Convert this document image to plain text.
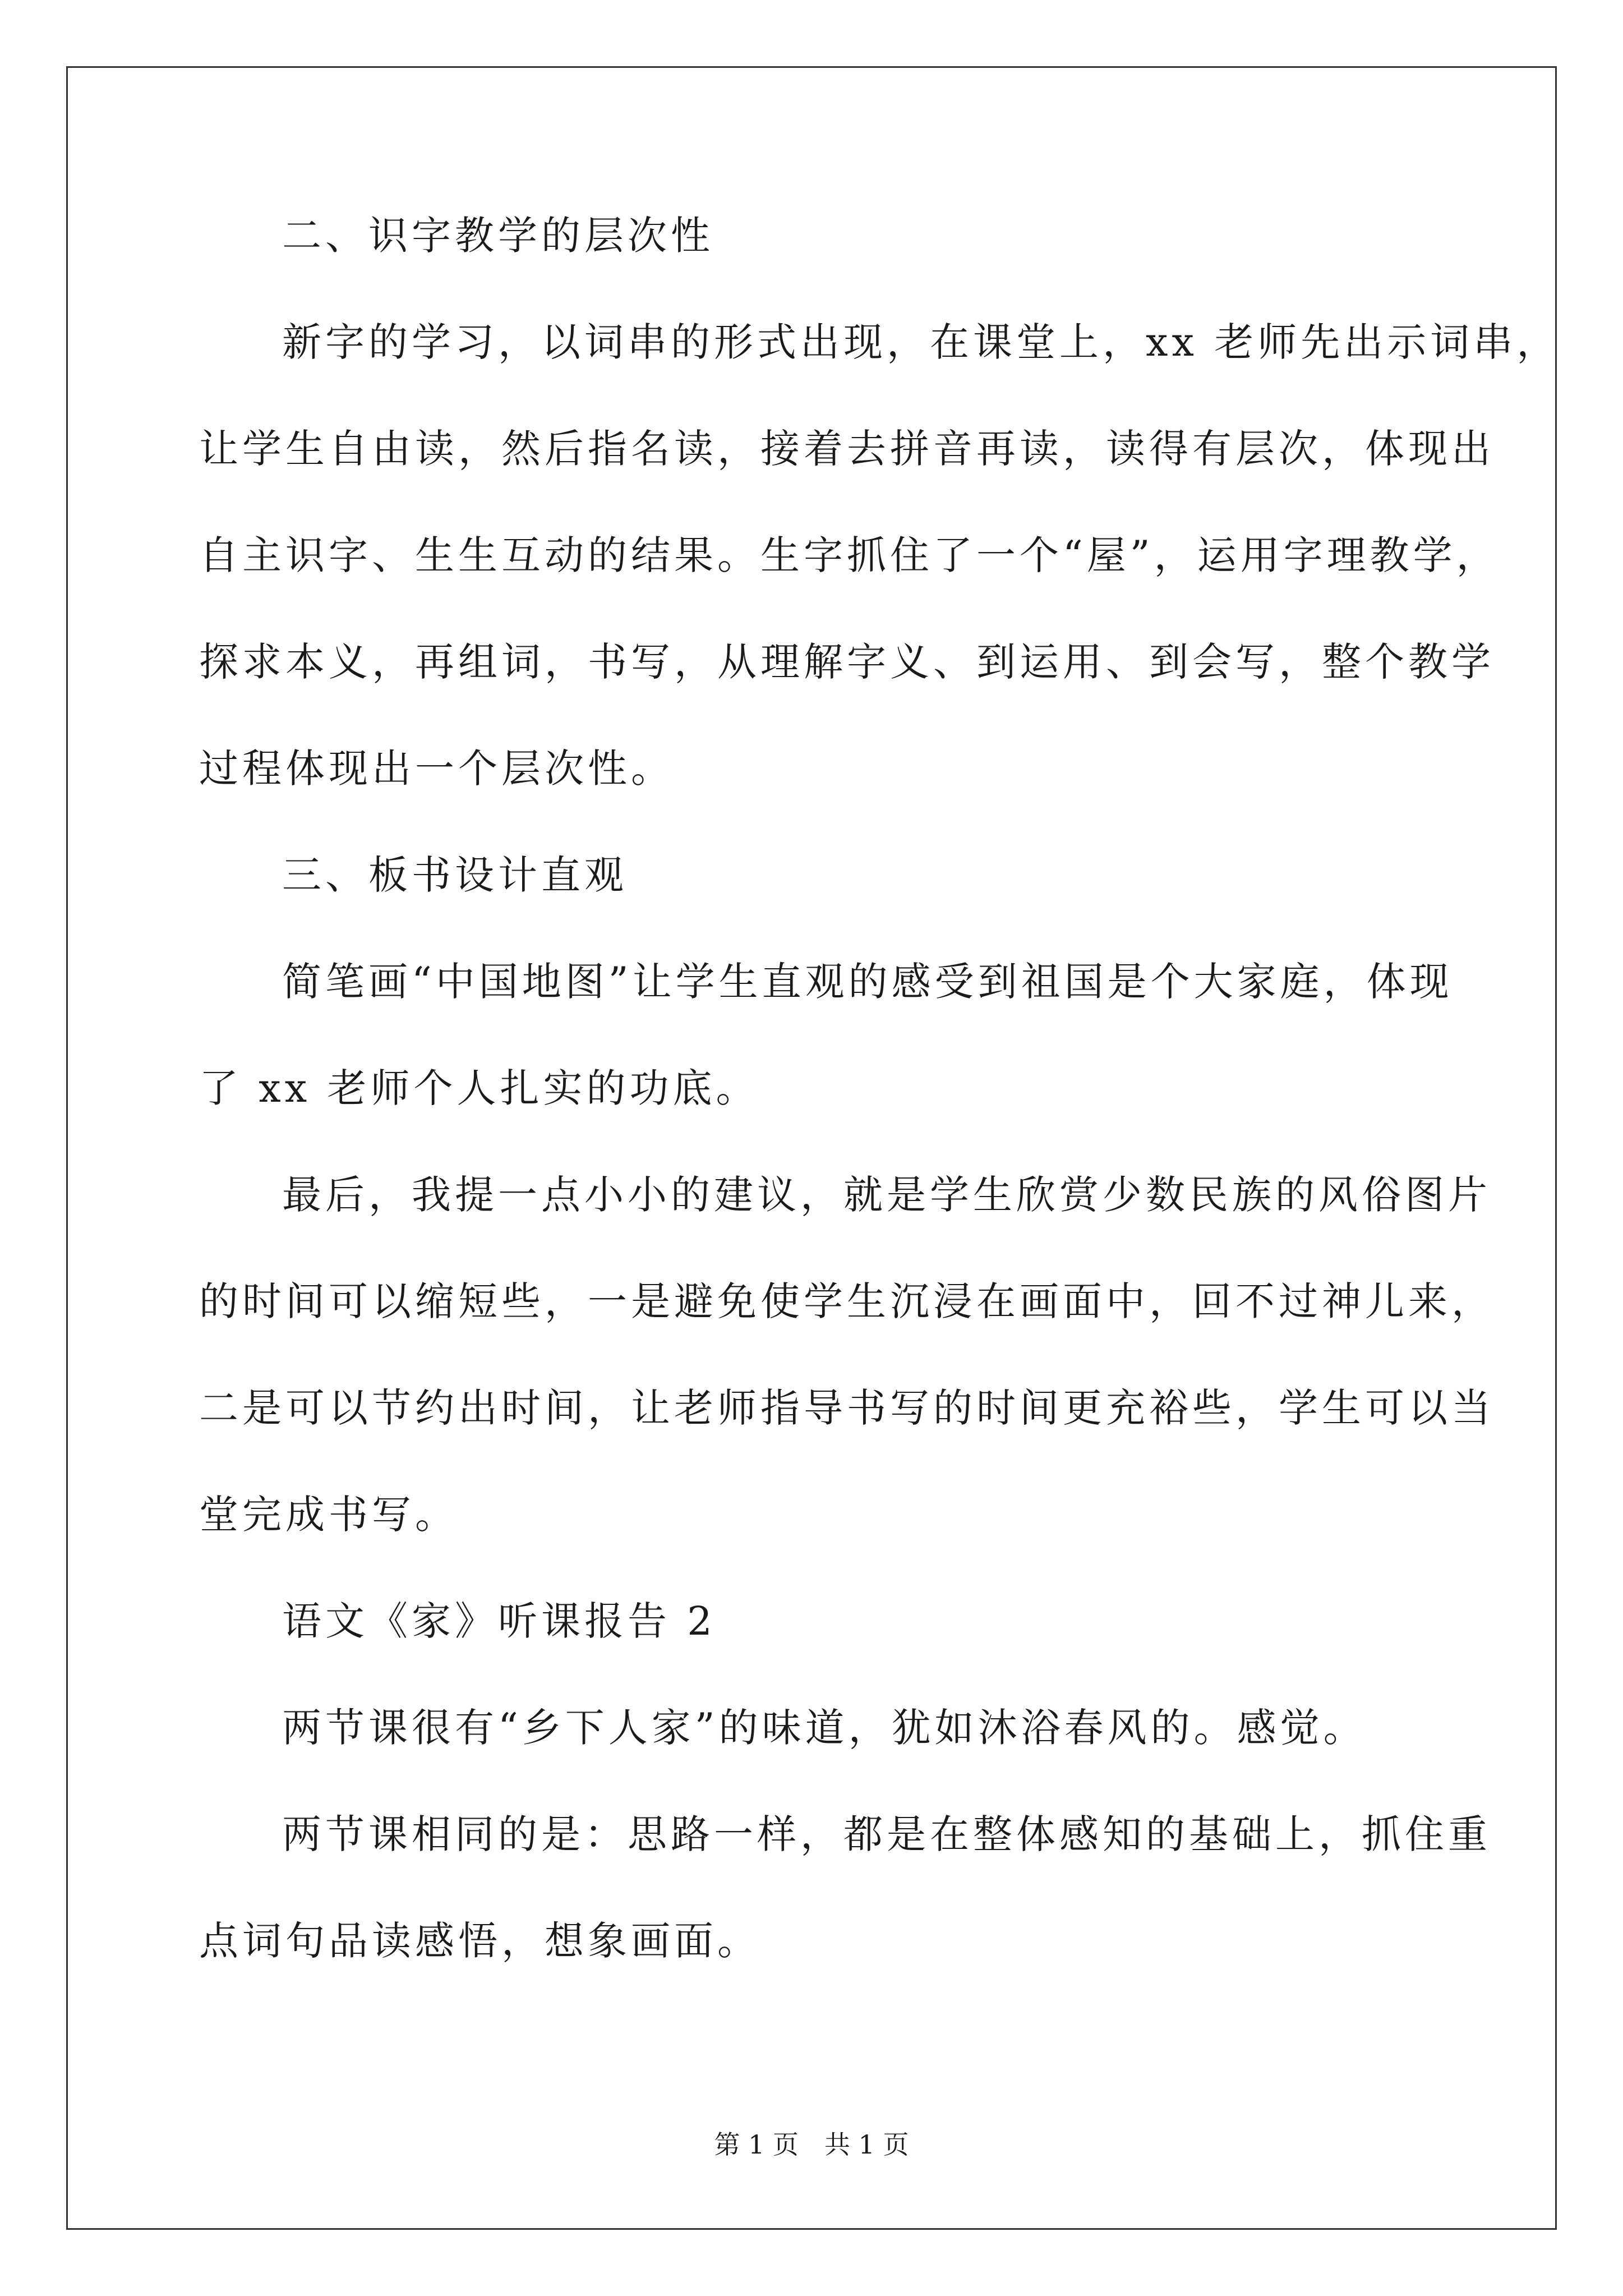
二、识字教学的层次性
新字的学习，以词串的形式出现，在课堂上，xx 老师先出示词串，
让学生自由读，然后指名读，接着去拼音再读，读得有层次，体现出
自主识字、生生互动的结果。生字抓住了一个“屋”，运用字理教学，
探求本义，再组词，书写，从理解字义、到运用、到会写，整个教学
过程体现出一个层次性。
三、板书设计直观
简笔画“中国地图”让学生直观的感受到祖国是个大家庭，体现
了 xx 老师个人扎实的功底。
最后，我提一点小小的建议，就是学生欣赏少数民族的风俗图片
的时间可以缩短些，一是避免使学生沉浸在画面中，回不过神儿来，
二是可以节约出时间，让老师指导书写的时间更充裕些，学生可以当
堂完成书写。
语文《家》听课报告 2
两节课很有“乡下人家”的味道，犹如沐浴春风的。感觉。
两节课相同的是：思路一样，都是在整体感知的基础上，抓住重
点词句品读感悟，想象画面。
第 1 页　共 1 页
